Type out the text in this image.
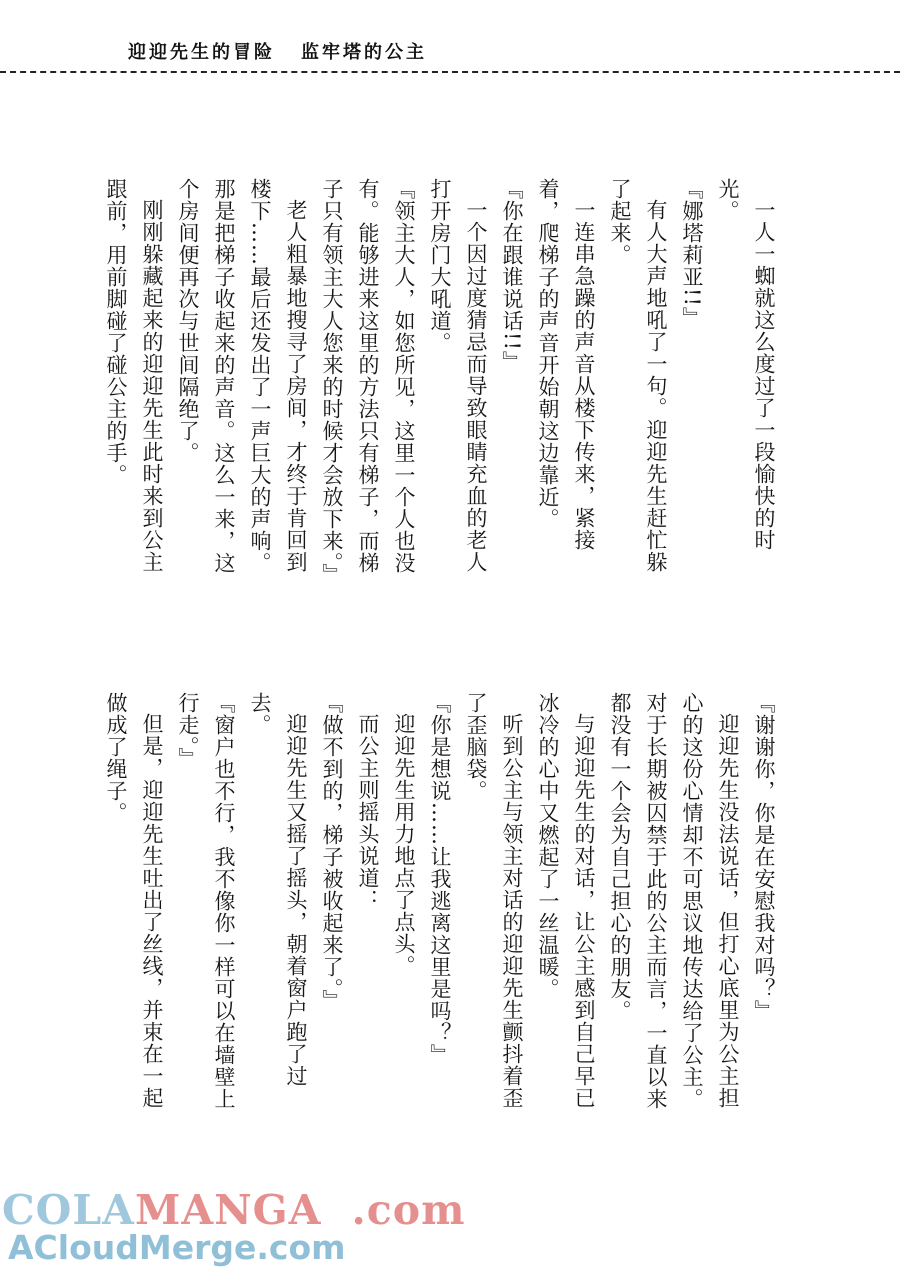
迎迎先生的冒险 监牢塔的公主

一人一蜘就这么度过了一段愉快的时光。

『娜塔莉亚!!』

有人大声地吼了一句。迎迎先生赶忙躲了起来。

一连串急躁的声音从楼下传来，紧接着，爬梯子的声音开始朝这边靠近。

『你在跟谁说话!!』

一个因过度猜忌而导致眼睛充血的老人打开房门大吼道。

『领主大人，如您所见，这里一个人也没有。能够进来这里的方法只有梯子，而梯子只有领主大人您来的时候才会放下来。』

老人粗暴地搜寻了房间，才终于肯回到楼下……最后还发出了一声巨大的声响。那是把梯子收起来的声音。这么一来，这个房间便再次与世间隔绝了。

刚刚躲藏起来的迎迎先生此时来到公主跟前，用前脚碰了碰公主的手。

『谢谢你，你是在安慰我对吗？』

迎迎先生没法说话，但打心底里为公主担心的这份心情却不可思议地传达给了公主。对于长期被囚禁于此的公主而言，一直以来都没有一个会为自己担心的朋友。

与迎迎先生的对话，让公主感到自己早已冰冷的心中又燃起了一丝温暖。

听到公主与领主对话的迎迎先生颤抖着歪了歪脑袋。

『你是想说……让我逃离这里是吗？』

迎迎先生用力地点了点头。

而公主则摇头说道：

『做不到的，梯子被收起来了。』

迎迎先生又摇了摇头，朝着窗户跑了过去。

『窗户也不行，我不像你一样可以在墙壁上行走。』

但是，迎迎先生吐出了丝线，并束在一起做成了绳子。

COLAMANGA .com
ACloudMerge.com
